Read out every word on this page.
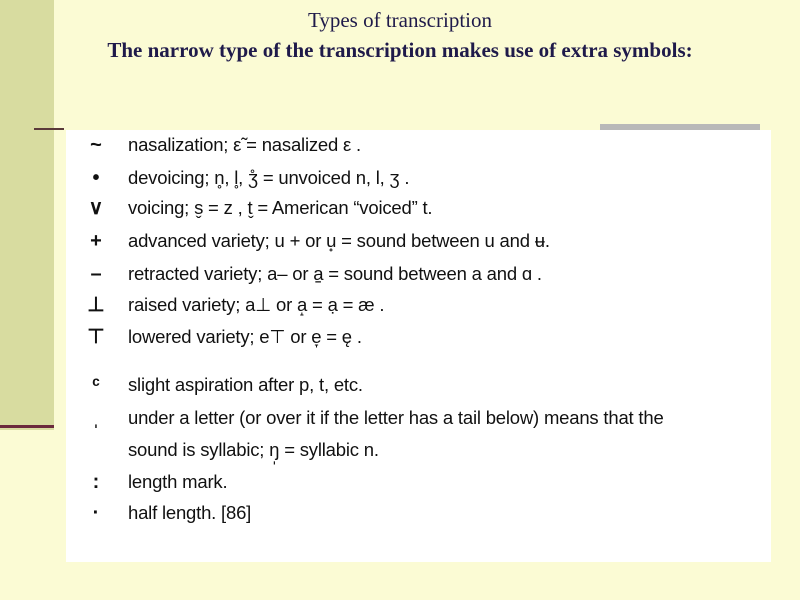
Types of transcription
The narrow type of the transcription makes use of extra symbols:
~	nasalization; ε̃ = nasalized ε .
•	devoicing; n̥, l̥, ʒ̊ = unvoiced n, l, ʒ .
∨	voicing; s̬ = z , t̬ = American “voiced” t.
+	advanced variety; u + or u̟ = sound between u and ʉ.
–	retracted variety; a– or a̠ = sound between a and ɑ .
⊥	raised variety; a⊥ or a̝ = ạ = æ .
⊤	lowered variety; e⊤ or e̞ = ę .
ᶜ	slight aspiration after p, t, etc.
ˌ	under a letter (or over it if the letter has a tail below) means that the
sound is syllabic; ŋ̩ = syllabic n.
:	length mark.
·	half length. [86]
